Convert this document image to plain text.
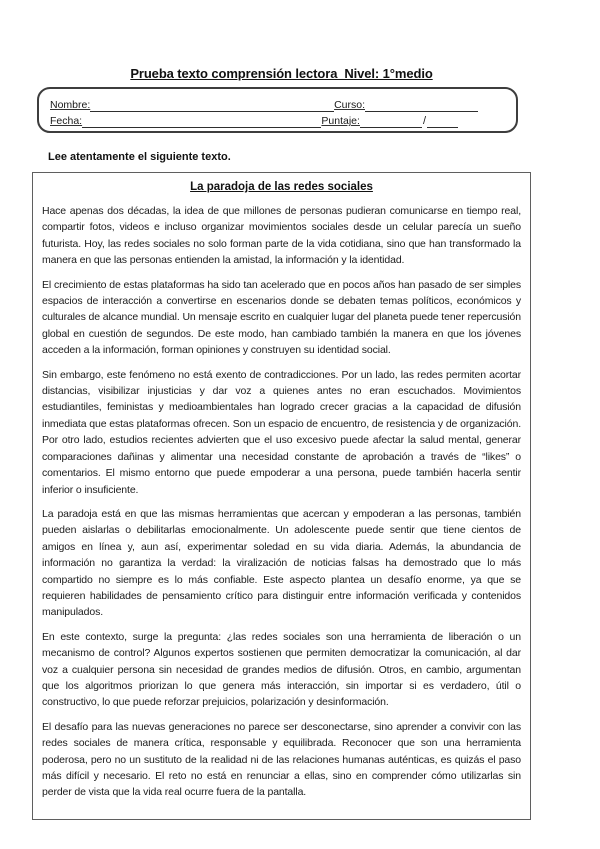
Prueba texto comprensión lectora  Nivel: 1°medio
Nombre:	Curso:
Fecha:	Puntaje:	/
Lee atentamente el siguiente texto.
La paradoja de las redes sociales

Hace apenas dos décadas, la idea de que millones de personas pudieran comunicarse en tiempo real, compartir fotos, videos e incluso organizar movimientos sociales desde un celular parecía un sueño futurista. Hoy, las redes sociales no solo forman parte de la vida cotidiana, sino que han transformado la manera en que las personas entienden la amistad, la información y la identidad.

El crecimiento de estas plataformas ha sido tan acelerado que en pocos años han pasado de ser simples espacios de interacción a convertirse en escenarios donde se debaten temas políticos, económicos y culturales de alcance mundial. Un mensaje escrito en cualquier lugar del planeta puede tener repercusión global en cuestión de segundos. De este modo, han cambiado también la manera en que los jóvenes acceden a la información, forman opiniones y construyen su identidad social.

Sin embargo, este fenómeno no está exento de contradicciones. Por un lado, las redes permiten acortar distancias, visibilizar injusticias y dar voz a quienes antes no eran escuchados. Movimientos estudiantiles, feministas y medioambientales han logrado crecer gracias a la capacidad de difusión inmediata que estas plataformas ofrecen. Son un espacio de encuentro, de resistencia y de organización. Por otro lado, estudios recientes advierten que el uso excesivo puede afectar la salud mental, generar comparaciones dañinas y alimentar una necesidad constante de aprobación a través de “likes” o comentarios. El mismo entorno que puede empoderar a una persona, puede también hacerla sentir inferior o insuficiente.

La paradoja está en que las mismas herramientas que acercan y empoderan a las personas, también pueden aislarlas o debilitarlas emocionalmente. Un adolescente puede sentir que tiene cientos de amigos en línea y, aun así, experimentar soledad en su vida diaria. Además, la abundancia de información no garantiza la verdad: la viralización de noticias falsas ha demostrado que lo más compartido no siempre es lo más confiable. Este aspecto plantea un desafío enorme, ya que se requieren habilidades de pensamiento crítico para distinguir entre información verificada y contenidos manipulados.

En este contexto, surge la pregunta: ¿las redes sociales son una herramienta de liberación o un mecanismo de control? Algunos expertos sostienen que permiten democratizar la comunicación, al dar voz a cualquier persona sin necesidad de grandes medios de difusión. Otros, en cambio, argumentan que los algoritmos priorizan lo que genera más interacción, sin importar si es verdadero, útil o constructivo, lo que puede reforzar prejuicios, polarización y desinformación.

El desafío para las nuevas generaciones no parece ser desconectarse, sino aprender a convivir con las redes sociales de manera crítica, responsable y equilibrada. Reconocer que son una herramienta poderosa, pero no un sustituto de la realidad ni de las relaciones humanas auténticas, es quizás el paso más difícil y necesario. El reto no está en renunciar a ellas, sino en comprender cómo utilizarlas sin perder de vista que la vida real ocurre fuera de la pantalla.
